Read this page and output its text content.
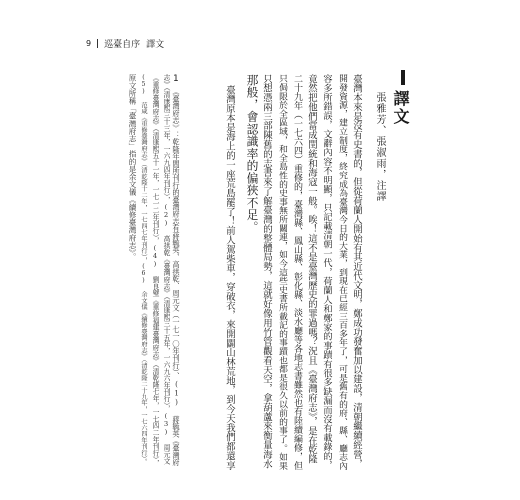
9 巡臺自序 譯文
譯文
張雅芳、張淑雨，注譯
臺灣本來是沒有史書的，但從荷蘭人開始有其近代文明，鄭成功發奮加以建設，清朝繼續經營，
開發資源，建立制度，終究成為臺灣今日的大業，到現在已經三百多年了，可是舊有的府、縣、廳志內
容多所錯誤，文辭內容不明顯，只記載清朝一代，荷蘭人和鄭家的事蹟有很多缺漏而沒有載錄的，
竟然把他們當成閏統和海寇一般。唉！這不是臺灣歷史的罪過嗎？況且《臺灣府志》，是在乾隆
二十九年（一七六四）重修的，臺灣縣、鳳山縣、彰化縣、淡水廳等各地志書雖然也有陸續編修，但
只侷限於全區域，和全島性的史事無所關連，如今這些史書所載記的事蹟也都是很久以前的事了。如果
只想憑兩三部陳舊的志書來了解臺灣的整體局勢，這就好像用竹管觀看天空，拿葫蘆來衡量海水
那般，會認識率的偏狹不足。
臺灣原本是海上的一座荒島罷了！前人駕柴車，穿破衣，來開闢山林荒地，到今天我們都還享
1
《臺灣府志》：乾隆年間所刊行的臺灣府志有蔣毓英、高拱乾、周元文（一七一〇年刊行）、(1) 蔣毓英《臺灣府
志》（清康熙三十三年，一六九四年刊行），(2) 高拱乾《臺灣府志》（清康熙三十五年，一六九六年刊行），(3) 周元文
《重修臺灣府志》（清康熙五十一年，一七一二年刊行），(4) 劉良璧《重修福建臺灣府志》（清乾隆七年，一七四二年刊行），
(5) 范咸《重修臺灣府志》（清乾隆十二年，一七四七年刊行），(6) 余文儀《續修臺灣府志》（清乾隆二十九年，一七六四年刊行）。
原文所稱「臺灣府志」指的是余文儀《續修臺灣府志》。
